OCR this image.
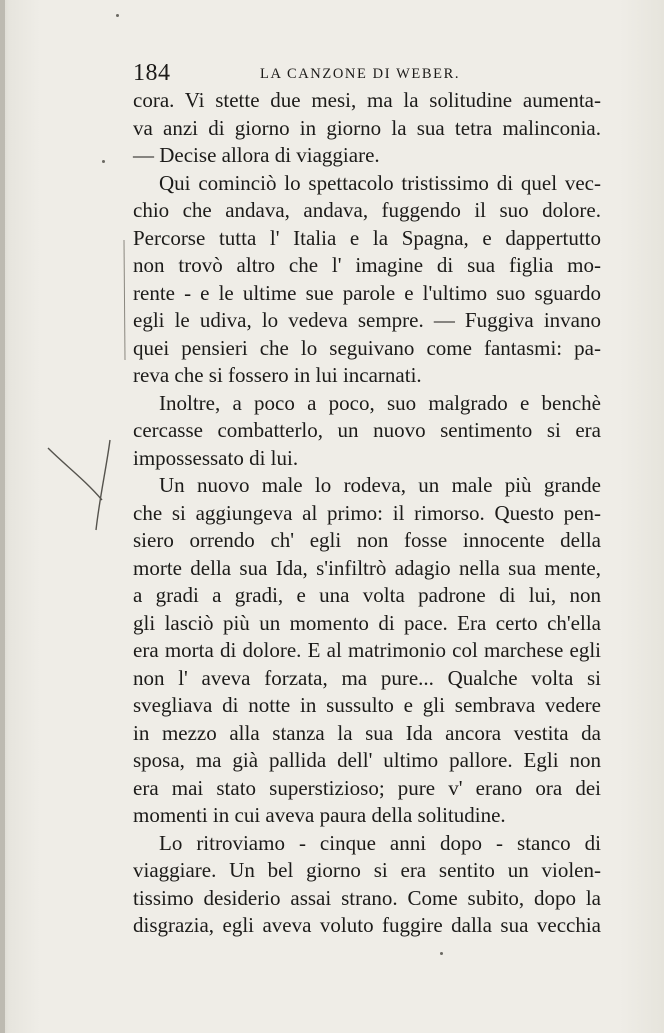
184	LA CANZONE DI WEBER.
cora. Vi stette due mesi, ma la solitudine aumenta-
va anzi di giorno in giorno la sua tetra malinconia.
— Decise allora di viaggiare.
Qui cominciò lo spettacolo tristissimo di quel vec-
chio che andava, andava, fuggendo il suo dolore.
Percorse tutta l' Italia e la Spagna, e dappertutto
non trovò altro che l' imagine di sua figlia mo-
rente - e le ultime sue parole e l'ultimo suo sguardo
egli le udiva, lo vedeva sempre. — Fuggiva invano
quei pensieri che lo seguivano come fantasmi: pa-
reva che si fossero in lui incarnati.
Inoltre, a poco a poco, suo malgrado e benchè
cercasse combatterlo, un nuovo sentimento si era
impossessato di lui.
Un nuovo male lo rodeva, un male più grande
che si aggiungeva al primo: il rimorso. Questo pen-
siero orrendo ch' egli non fosse innocente della
morte della sua Ida, s'infiltrò adagio nella sua mente,
a gradi a gradi, e una volta padrone di lui, non
gli lasciò più un momento di pace. Era certo ch'ella
era morta di dolore. E al matrimonio col marchese egli
non l' aveva forzata, ma pure... Qualche volta si
svegliava di notte in sussulto e gli sembrava vedere
in mezzo alla stanza la sua Ida ancora vestita da
sposa, ma già pallida dell' ultimo pallore. Egli non
era mai stato superstizioso; pure v' erano ora dei
momenti in cui aveva paura della solitudine.
Lo ritroviamo - cinque anni dopo - stanco di
viaggiare. Un bel giorno si era sentito un violen-
tissimo desiderio assai strano. Come subito, dopo la
disgrazia, egli aveva voluto fuggire dalla sua vecchia
